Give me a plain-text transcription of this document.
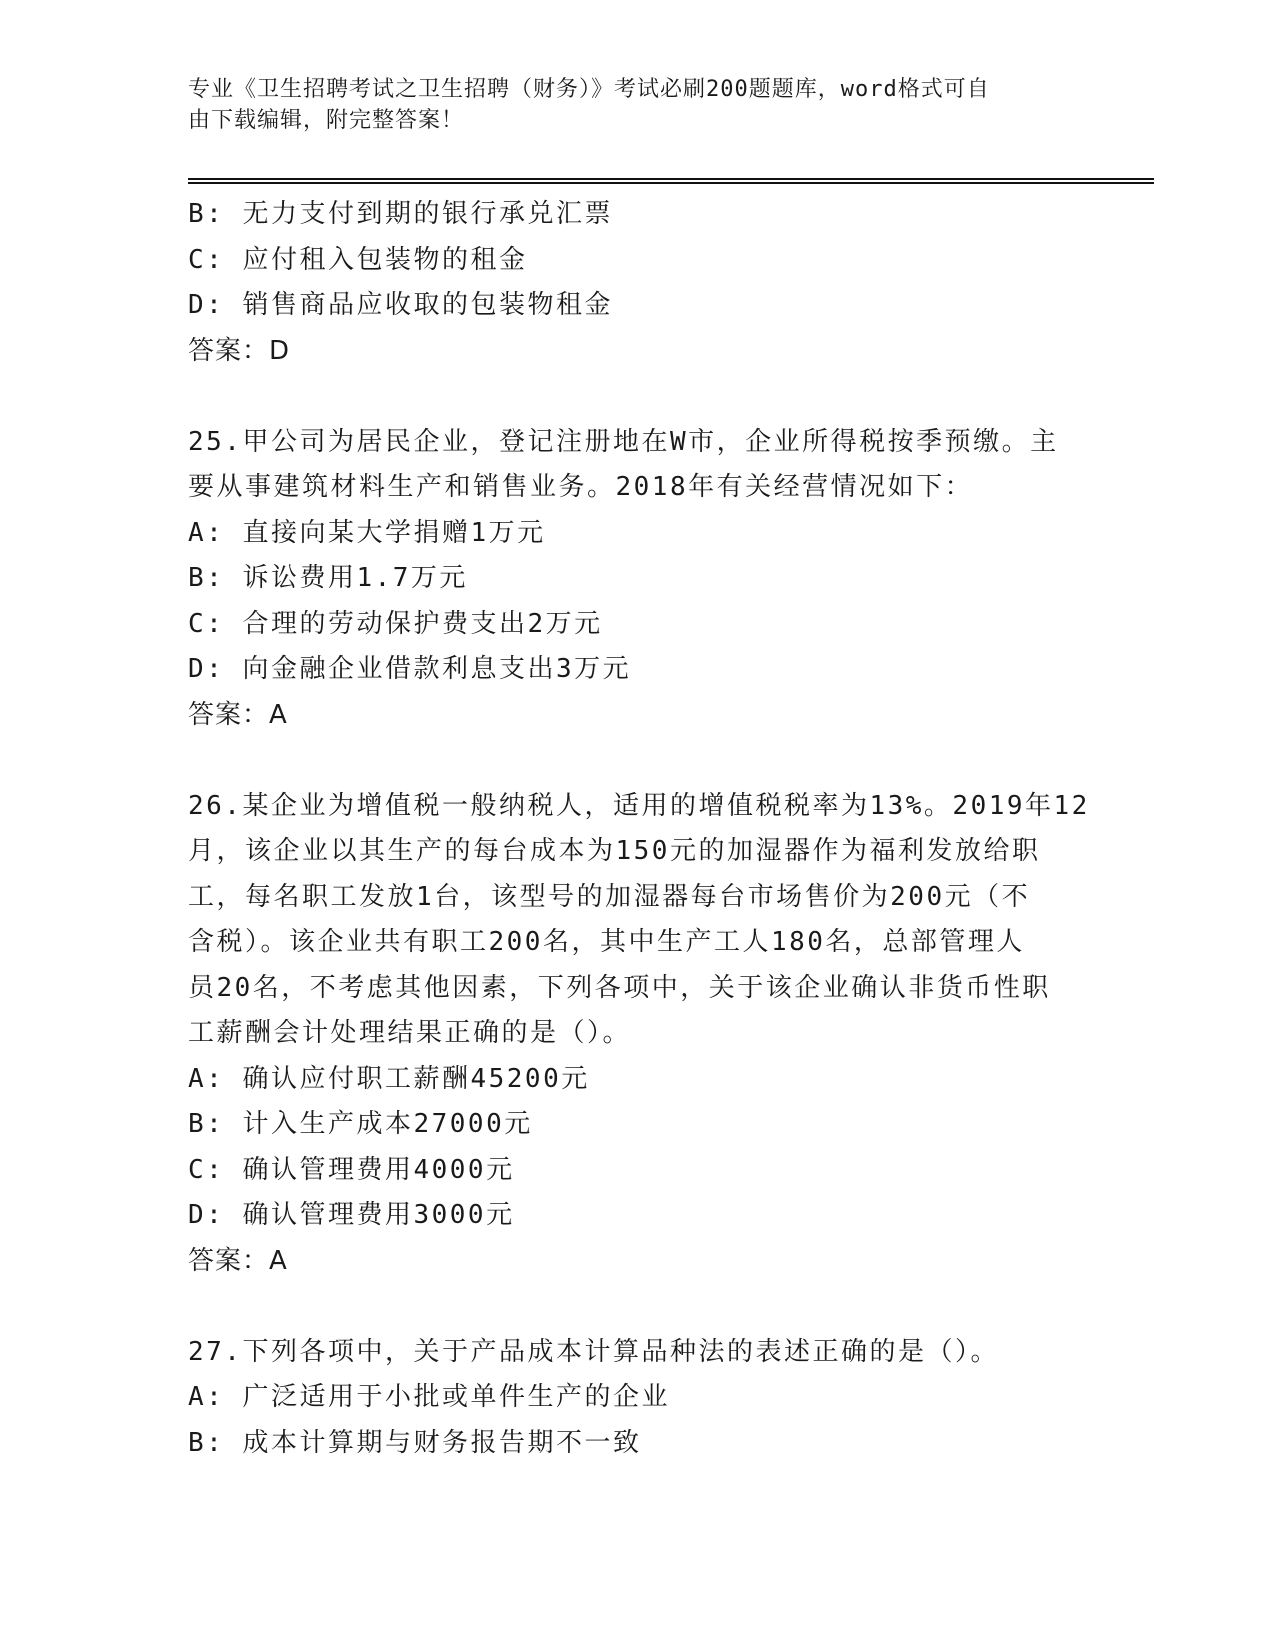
专业《卫生招聘考试之卫生招聘（财务）》考试必刷200题题库，word格式可自
由下载编辑，附完整答案！
B: 无力支付到期的银行承兑汇票
C: 应付租入包装物的租金
D: 销售商品应收取的包装物租金
答案：D
25.甲公司为居民企业，登记注册地在W市，企业所得税按季预缴。主
要从事建筑材料生产和销售业务。2018年有关经营情况如下：
A: 直接向某大学捐赠1万元
B: 诉讼费用1.7万元
C: 合理的劳动保护费支出2万元
D: 向金融企业借款利息支出3万元
答案：A
26.某企业为增值税一般纳税人，适用的增值税税率为13%。2019年12
月，该企业以其生产的每台成本为150元的加湿器作为福利发放给职
工，每名职工发放1台，该型号的加湿器每台市场售价为200元（不
含税）。该企业共有职工200名，其中生产工人180名，总部管理人
员20名，不考虑其他因素，下列各项中，关于该企业确认非货币性职
工薪酬会计处理结果正确的是（）。
A: 确认应付职工薪酬45200元
B: 计入生产成本27000元
C: 确认管理费用4000元
D: 确认管理费用3000元
答案：A
27.下列各项中，关于产品成本计算品种法的表述正确的是（）。
A: 广泛适用于小批或单件生产的企业
B: 成本计算期与财务报告期不一致
